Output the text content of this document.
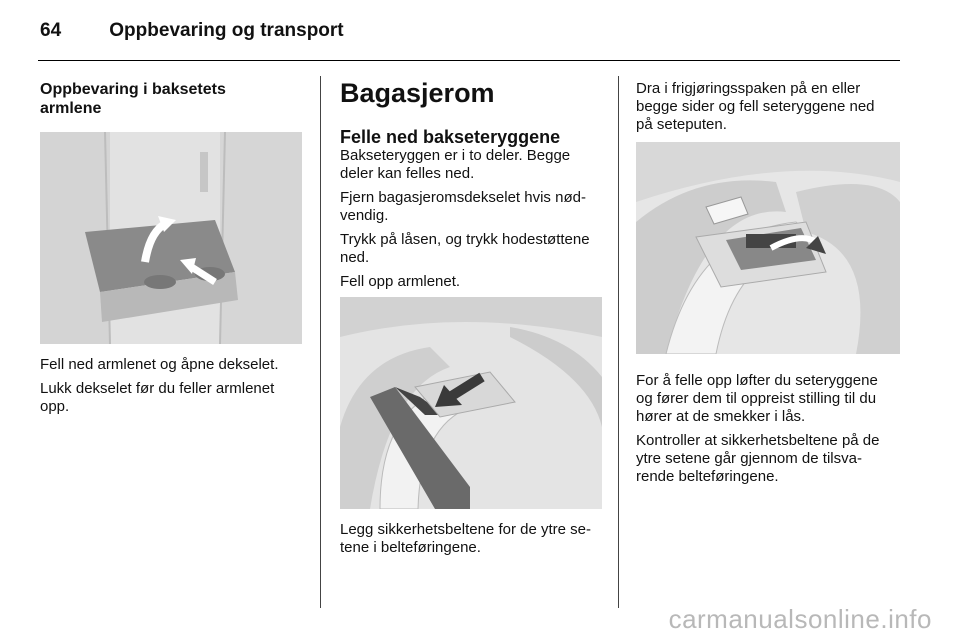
64	Oppbevaring og transport
Oppbevaring i baksetets
armlene

Fell ned armlenet og åpne dekselet.

Lukk dekselet før du feller armlenet
opp.

Bagasjerom
Felle ned bakseteryggene

Bakseteryggen er i to deler. Begge
deler kan felles ned.

Fjern bagasjeromsdekselet hvis nød-
vendig.

Trykk på låsen, og trykk hodestøttene
ned.

Fell opp armlenet.

Legg sikkerhetsbeltene for de ytre se-
tene i belteføringene.

Dra i frigjøringsspaken på en eller
begge sider og fell seteryggene ned
på seteputen.

For å felle opp løfter du seteryggene
og fører dem til oppreist stilling til du
hører at de smekker i lås.

Kontroller at sikkerhetsbeltene på de
ytre setene går gjennom de tilsva-
rende belteføringene.

carmanualsonline.info
